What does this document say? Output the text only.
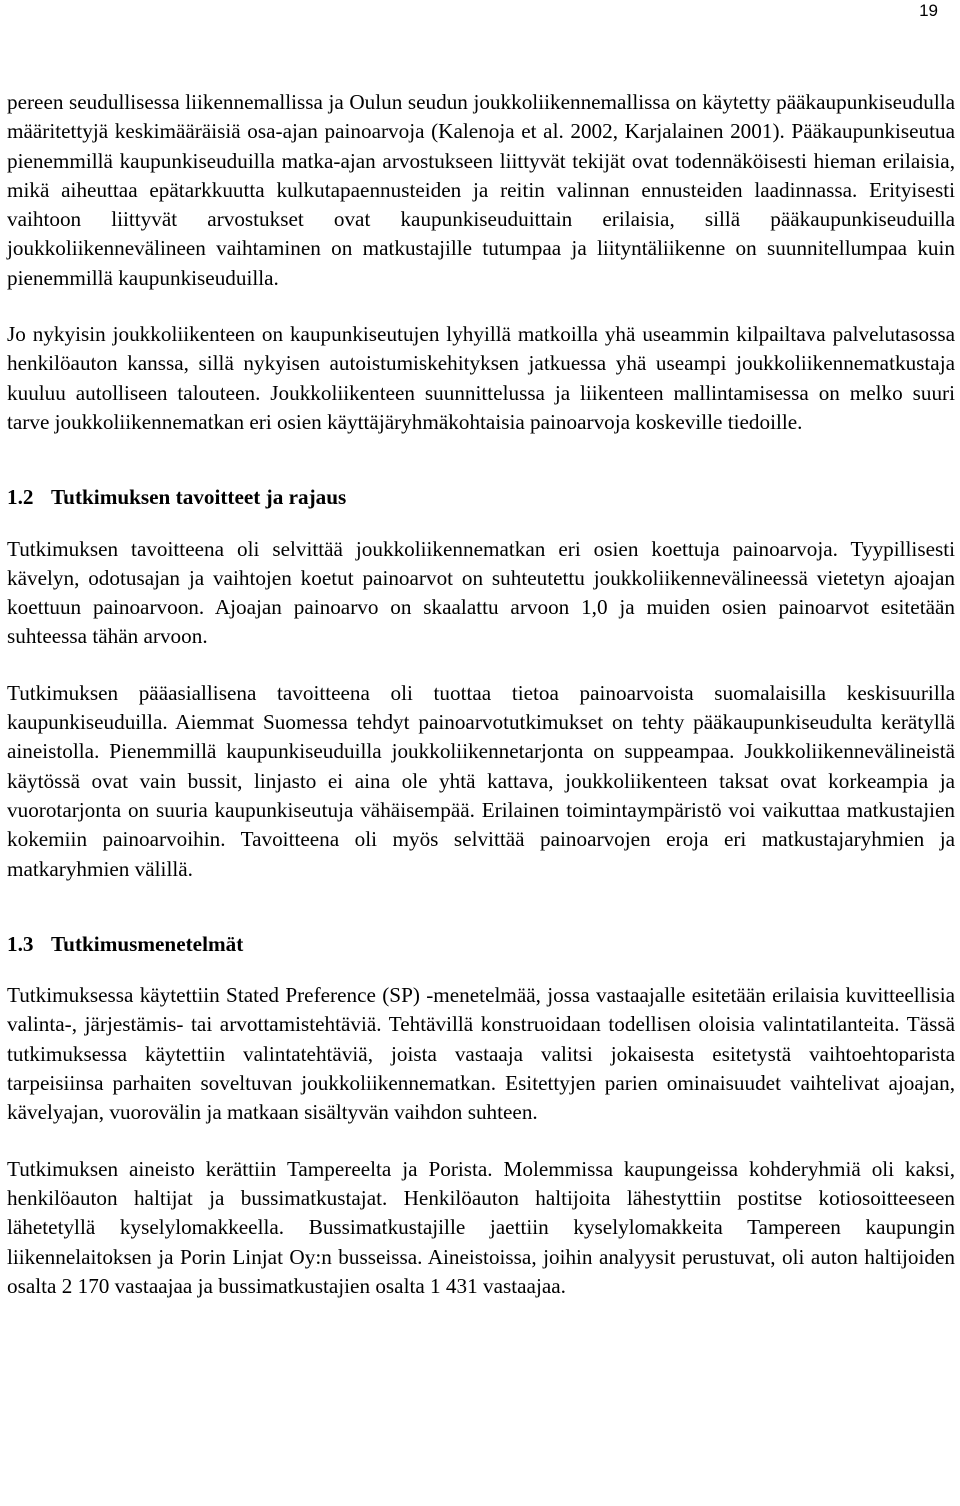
19

pereen seudullisessa liikennemallissa ja Oulun seudun joukkoliikennemallissa on käytetty pääkaupunkiseudulla määritettyjä keskimääräisiä osa-ajan painoarvoja (Kalenoja et al. 2002, Karjalainen 2001). Pääkaupunkiseutua pienemmillä kaupunkiseuduilla matka-ajan arvostukseen liittyvät tekijät ovat todennäköisesti hieman erilaisia, mikä aiheuttaa epätarkkuutta kulkutapaennusteiden ja reitin valinnan ennusteiden laadinnassa. Erityisesti vaihtoon liittyvät arvostukset ovat kaupunkiseuduittain erilaisia, sillä pääkaupunkiseuduilla joukkoliikennevälineen vaihtaminen on matkustajille tutumpaa ja liityntäliikenne on suunnitellumpaa kuin pienemmillä kaupunkiseuduilla.

Jo nykyisin joukkoliikenteen on kaupunkiseutujen lyhyillä matkoilla yhä useammin kilpailtava palvelutasossa henkilöauton kanssa, sillä nykyisen autoistumiskehityksen jatkuessa yhä useampi joukkoliikennematkustaja kuuluu autolliseen talouteen. Joukkoliikenteen suunnittelussa ja liikenteen mallintamisessa on melko suuri tarve joukkoliikennematkan eri osien käyttäjäryhmäkohtaisia painoarvoja koskeville tiedoille.

1.2 Tutkimuksen tavoitteet ja rajaus

Tutkimuksen tavoitteena oli selvittää joukkoliikennematkan eri osien koettuja painoarvoja. Tyypillisesti kävelyn, odotusajan ja vaihtojen koetut painoarvot on suhteutettu joukkoliikennevälineessä vietetyn ajoajan koettuun painoarvoon. Ajoajan painoarvo on skaalattu arvoon 1,0 ja muiden osien painoarvot esitetään suhteessa tähän arvoon.

Tutkimuksen pääasiallisena tavoitteena oli tuottaa tietoa painoarvoista suomalaisilla keskisuurilla kaupunkiseuduilla. Aiemmat Suomessa tehdyt painoarvotutkimukset on tehty pääkaupunkiseudulta kerätyllä aineistolla. Pienemmillä kaupunkiseuduilla joukkoliikennetarjonta on suppeampaa. Joukkoliikennevälineistä käytössä ovat vain bussit, linjasto ei aina ole yhtä kattava, joukkoliikenteen taksat ovat korkeampia ja vuorotarjonta on suuria kaupunkiseutuja vähäisempää. Erilainen toimintaympäristö voi vaikuttaa matkustajien kokemiin painoarvoihin. Tavoitteena oli myös selvittää painoarvojen eroja eri matkustajaryhmien ja matkaryhmien välillä.

1.3 Tutkimusmenetelmät

Tutkimuksessa käytettiin Stated Preference (SP) -menetelmää, jossa vastaajalle esitetään erilaisia kuvitteellisia valinta-, järjestämis- tai arvottamistehtäviä. Tehtävillä konstruoidaan todellisen oloisia valintatilanteita. Tässä tutkimuksessa käytettiin valintatehtäviä, joista vastaaja valitsi jokaisesta esitetystä vaihtoehtoparista tarpeisiinsa parhaiten soveltuvan joukkoliikennematkan. Esitettyjen parien ominaisuudet vaihtelivat ajoajan, kävelyajan, vuorovälin ja matkaan sisältyvän vaihdon suhteen.

Tutkimuksen aineisto kerättiin Tampereelta ja Porista. Molemmissa kaupungeissa kohderyhmiä oli kaksi, henkilöauton haltijat ja bussimatkustajat. Henkilöauton haltijoita lähestyttiin postitse kotiosoitteeseen lähetetyllä kyselylomakkeella. Bussimatkustajille jaettiin kyselylomakkeita Tampereen kaupungin liikennelaitoksen ja Porin Linjat Oy:n busseissa. Aineistoissa, joihin analyysit perustuvat, oli auton haltijoiden osalta 2 170 vastaajaa ja bussimatkustajien osalta 1 431 vastaajaa.
